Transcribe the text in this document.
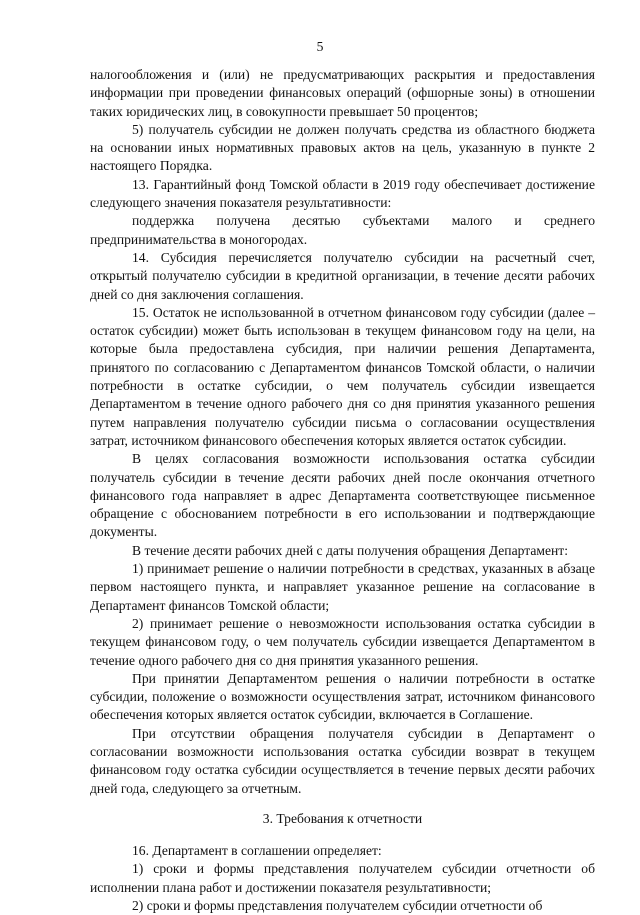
5

налогообложения и (или) не предусматривающих раскрытия и предоставления информации при проведении финансовых операций (офшорные зоны) в отношении таких юридических лиц, в совокупности превышает 50 процентов;

5) получатель субсидии не должен получать средства из областного бюджета на основании иных нормативных правовых актов на цель, указанную в пункте 2 настоящего Порядка.

13. Гарантийный фонд Томской области в 2019 году обеспечивает достижение следующего значения показателя результативности:

поддержка получена десятью субъектами малого и среднего предпринимательства в моногородах.

14. Субсидия перечисляется получателю субсидии на расчетный счет, открытый получателю субсидии в кредитной организации, в течение десяти рабочих дней со дня заключения соглашения.

15. Остаток не использованной в отчетном финансовом году субсидии (далее – остаток субсидии) может быть использован в текущем финансовом году на цели, на которые была предоставлена субсидия, при наличии решения Департамента, принятого по согласованию с Департаментом финансов Томской области, о наличии потребности в остатке субсидии, о чем получатель субсидии извещается Департаментом в течение одного рабочего дня со дня принятия указанного решения путем направления получателю субсидии письма о согласовании осуществления затрат, источником финансового обеспечения которых является остаток субсидии.

В целях согласования возможности использования остатка субсидии получатель субсидии в течение десяти рабочих дней после окончания отчетного финансового года направляет в адрес Департамента соответствующее письменное обращение с обоснованием потребности в его использовании и подтверждающие документы.

В течение десяти рабочих дней с даты получения обращения Департамент:

1) принимает решение о наличии потребности в средствах, указанных в абзаце первом настоящего пункта, и направляет указанное решение на согласование в Департамент финансов Томской области;

2) принимает решение о невозможности использования остатка субсидии в текущем финансовом году, о чем получатель субсидии извещается Департаментом в течение одного рабочего дня со дня принятия указанного решения.

При принятии Департаментом решения о наличии потребности в остатке субсидии, положение о возможности осуществления затрат, источником финансового обеспечения которых является остаток субсидии, включается в Соглашение.

При отсутствии обращения получателя субсидии в Департамент о согласовании возможности использования остатка субсидии возврат в текущем финансовом году остатка субсидии осуществляется в течение первых десяти рабочих дней года, следующего за отчетным.

3. Требования к отчетности

16. Департамент в соглашении определяет:

1) сроки и формы представления получателем субсидии отчетности об исполнении плана работ и достижении показателя результативности;

2) сроки и формы представления получателем субсидии отчетности об
